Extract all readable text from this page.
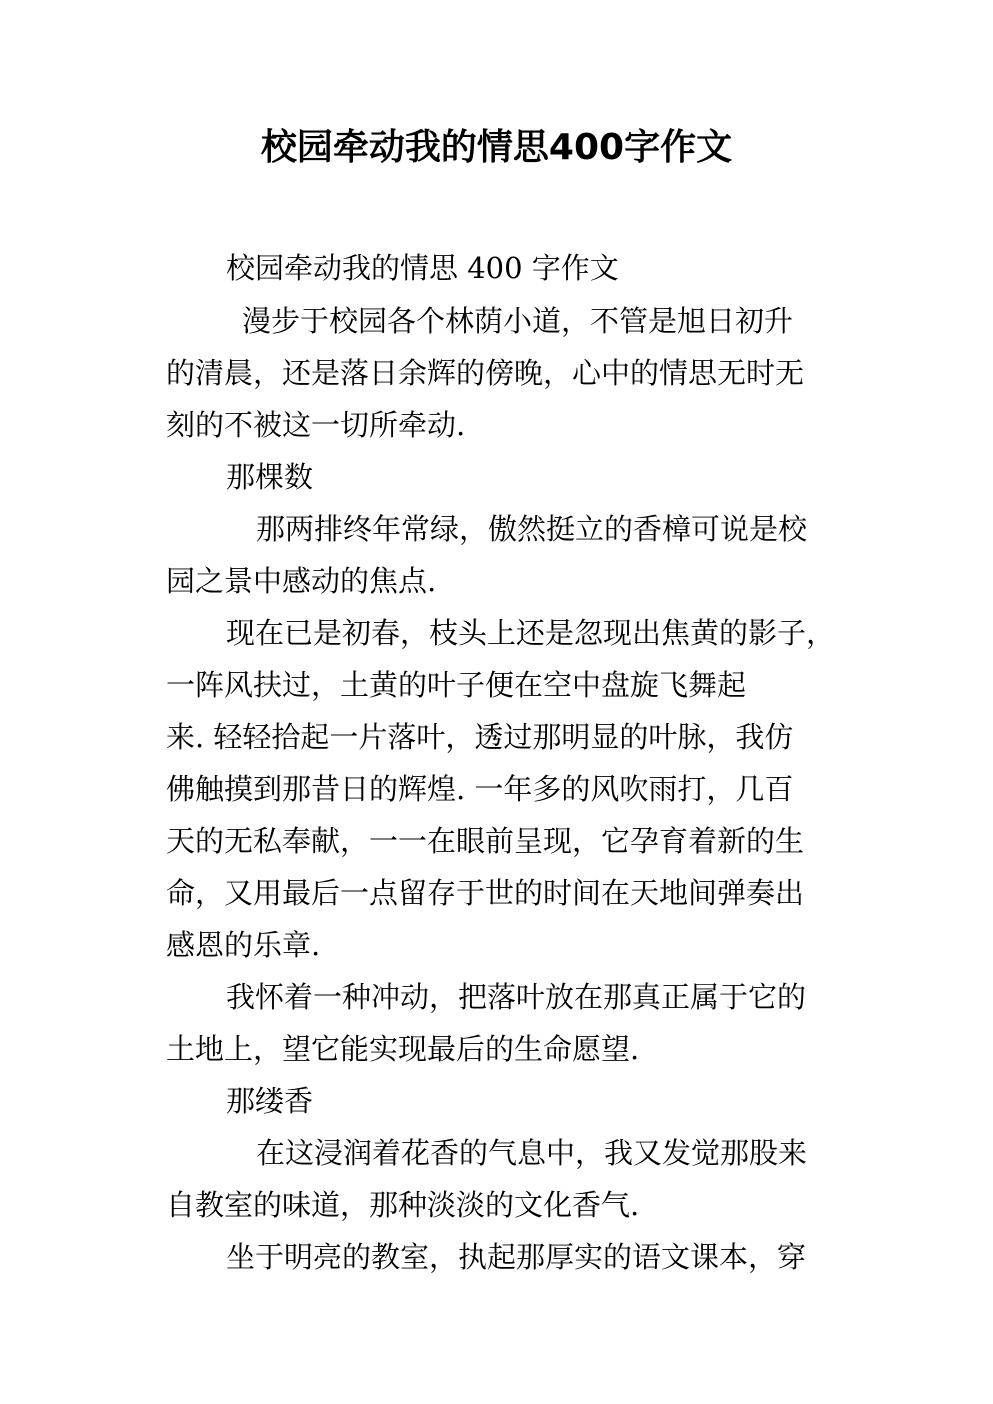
校园牵动我的情思400字作文
校园牵动我的情思 400 字作文
漫步于校园各个林荫小道，不管是旭日初升
的清晨，还是落日余辉的傍晚，心中的情思无时无
刻的不被这一切所牵动.
那棵数
那两排终年常绿，傲然挺立的香樟可说是校
园之景中感动的焦点.
现在已是初春，枝头上还是忽现出焦黄的影子，
一阵风扶过，土黄的叶子便在空中盘旋飞舞起
来. 轻轻拾起一片落叶，透过那明显的叶脉，我仿
佛触摸到那昔日的辉煌. 一年多的风吹雨打，几百
天的无私奉献，一一在眼前呈现，它孕育着新的生
命，又用最后一点留存于世的时间在天地间弹奏出
感恩的乐章.
我怀着一种冲动，把落叶放在那真正属于它的
土地上，望它能实现最后的生命愿望.
那缕香
在这浸润着花香的气息中，我又发觉那股来
自教室的味道，那种淡淡的文化香气.
坐于明亮的教室，执起那厚实的语文课本，穿
